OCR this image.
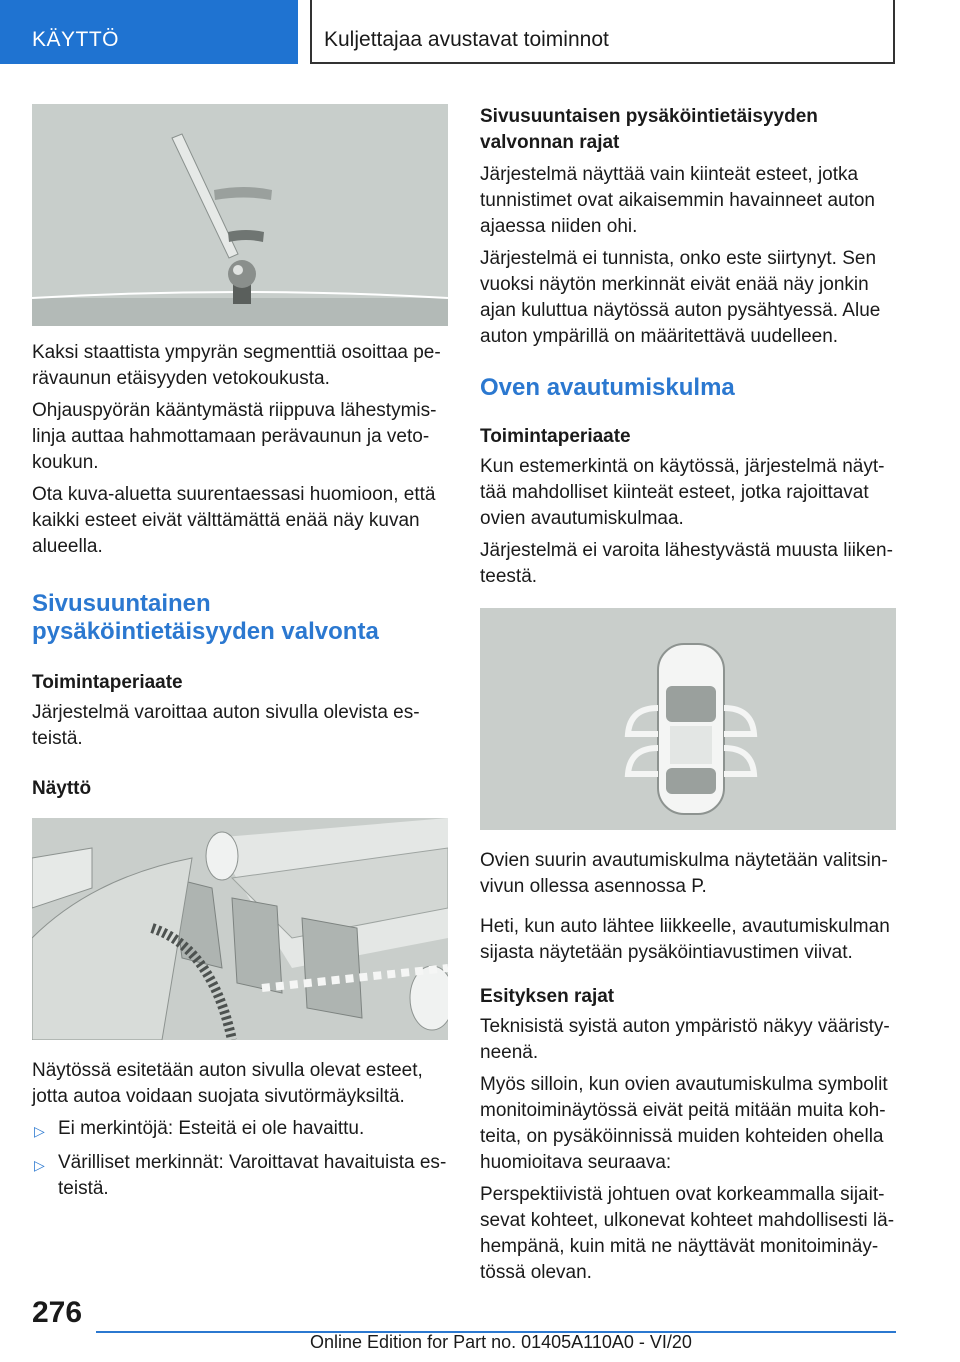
KÄYTTÖ	Kuljettajaa avustavat toiminnot

Kaksi staattista ympyrän segmenttiä osoittaa perävaunun etäisyyden vetokoukusta.

Ohjauspyörän kääntymästä riippuva lähestymislinja auttaa hahmottamaan perävaunun ja vetokoukun.

Ota kuva-aluetta suurentaessasi huomioon, että kaikki esteet eivät välttämättä enää näy kuvan alueella.

Sivusuuntainen pysäköintietäisyyden valvonta
Toimintaperiaate

Järjestelmä varoittaa auton sivulla olevista esteistä.

Näyttö

Näytössä esitetään auton sivulla olevat esteet, jotta autoa voidaan suojata sivutörmäyksiltä.

▷ Ei merkintöjä: Esteitä ei ole havaittu.
▷ Värilliset merkinnät: Varoittavat havaituista esteistä.
Sivusuuntaisen pysäköintietäisyyden valvonnan rajat

Järjestelmä näyttää vain kiinteät esteet, jotka tunnistimet ovat aikaisemmin havainneet auton ajaessa niiden ohi.

Järjestelmä ei tunnista, onko este siirtynyt. Sen vuoksi näytön merkinnät eivät enää näy jonkin ajan kuluttua näytössä auton pysähtyessä. Alue auton ympärillä on määritettävä uudelleen.

Oven avautumiskulma
Toimintaperiaate

Kun estemerkintä on käytössä, järjestelmä näyttää mahdolliset kiinteät esteet, jotka rajoittavat ovien avautumiskulmaa.

Järjestelmä ei varoita lähestyvästä muusta liikenteestä.

Ovien suurin avautumiskulma näytetään valitsinvivun ollessa asennossa P.

Heti, kun auto lähtee liikkeelle, avautumiskulman sijasta näytetään pysäköintiavustimen viivat.

Esityksen rajat

Teknisistä syistä auton ympäristö näkyy vääristyneenä.

Myös silloin, kun ovien avautumiskulma symbolit monitoiminäytössä eivät peitä mitään muita kohteita, on pysäköinnissä muiden kohteiden ohella huomioitava seuraava:

Perspektiivistä johtuen ovat korkeammalla sijaitsevat kohteet, ulkonevat kohteet mahdollisesti lähempänä, kuin mitä ne näyttävät monitoiminäytössä olevan.

276
Online Edition for Part no. 01405A110A0 - VI/20
